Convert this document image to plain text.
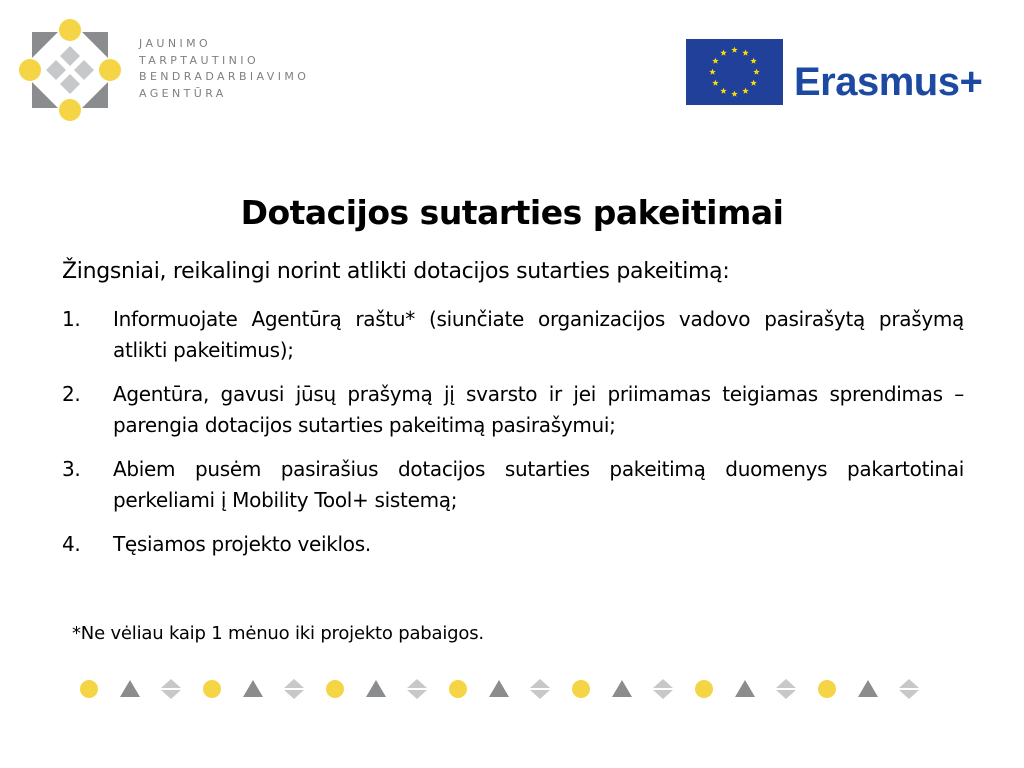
JAUNIMO
TARPTAUTINIO
BENDRADARBIAVIMO
AGENTŪRA	Erasmus+
Dotacijos sutarties pakeitimai
Žingsniai, reikalingi norint atlikti dotacijos sutarties pakeitimą:
1. Informuojate Agentūrą raštu* (siunčiate organizacijos vadovo pasirašytą prašymą atlikti pakeitimus);
2. Agentūra, gavusi jūsų prašymą jį svarsto ir jei priimamas teigiamas sprendimas – parengia dotacijos sutarties pakeitimą pasirašymui;
3. Abiem pusėm pasirašius dotacijos sutarties pakeitimą duomenys pakartotinai perkeliami į Mobility Tool+ sistemą;
4. Tęsiamos projekto veiklos.
*Ne vėliau kaip 1 mėnuo iki projekto pabaigos.
